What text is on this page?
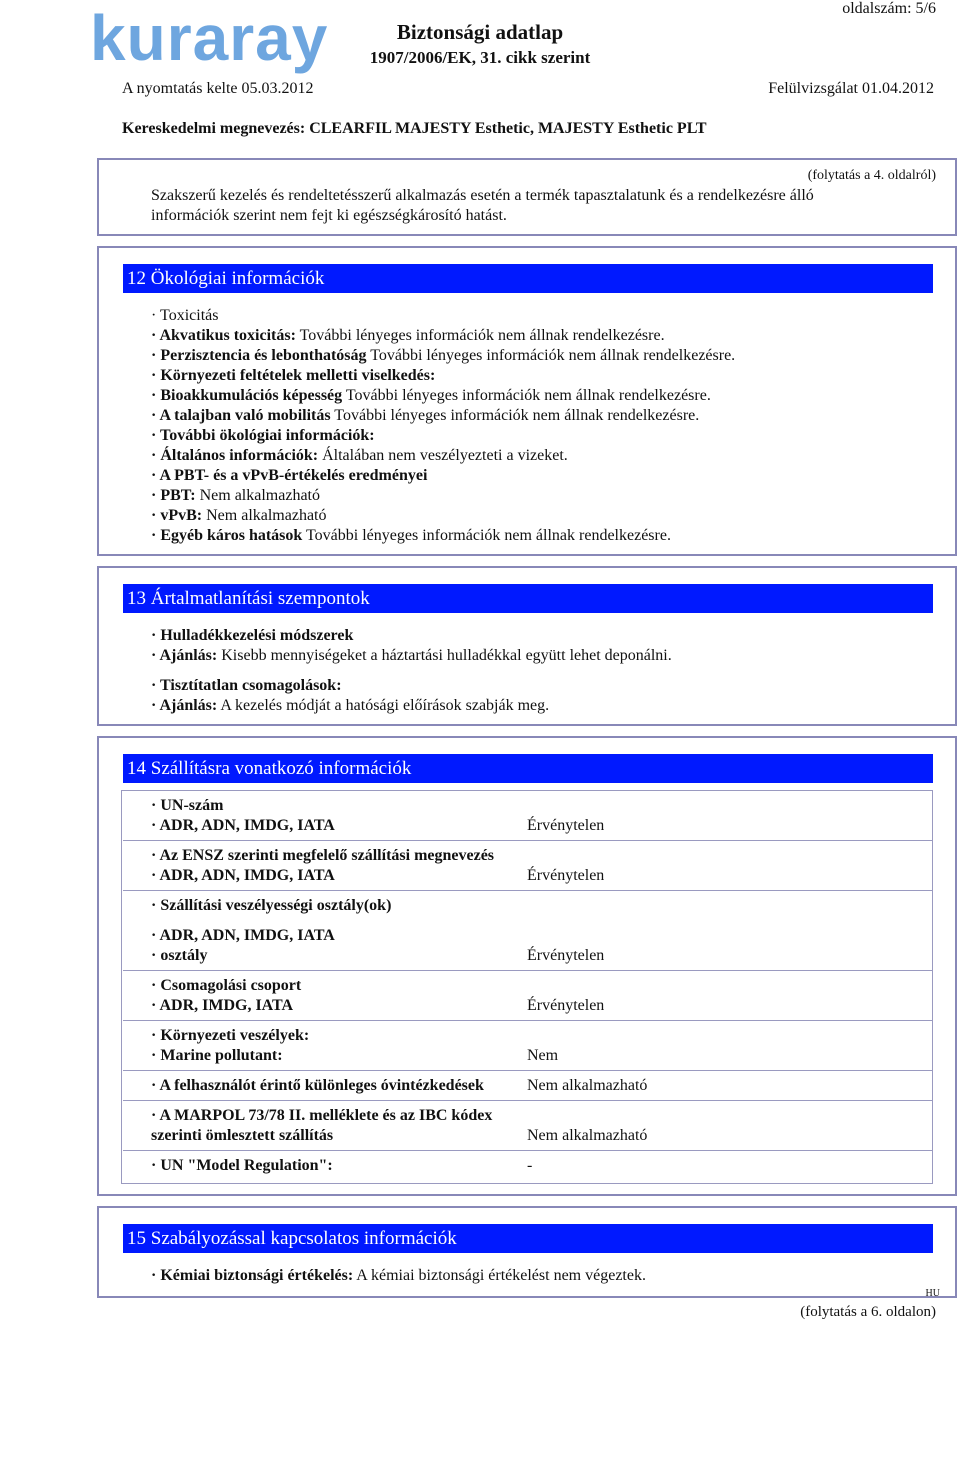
kuraray	oldalszám: 5/6
Biztonsági adatlap
1907/2006/EK, 31. cikk szerint
A nyomtatás kelte 05.03.2012	Felülvizsgálat 01.04.2012
Kereskedelmi megnevezés: CLEARFIL MAJESTY Esthetic, MAJESTY Esthetic PLT
Szakszerű kezelés és rendeltetésszerű alkalmazás esetén a termék tapasztalatunk és a rendelkezésre álló
információk szerint nem fejt ki egészségkárosító hatást.
(folytatás a 4. oldalról)
12 Ökológiai információk
· Toxicitás
· Akvatikus toxicitás: További lényeges információk nem állnak rendelkezésre.
· Perzisztencia és lebonthatóság További lényeges információk nem állnak rendelkezésre.
· Környezeti feltételek melletti viselkedés:
· Bioakkumulációs képesség További lényeges információk nem állnak rendelkezésre.
· A talajban való mobilitás További lényeges információk nem állnak rendelkezésre.
· További ökológiai információk:
· Általános információk: Általában nem veszélyezteti a vizeket.
· A PBT- és a vPvB-értékelés eredményei
· PBT: Nem alkalmazható
· vPvB: Nem alkalmazható
· Egyéb káros hatások További lényeges információk nem állnak rendelkezésre.
13 Ártalmatlanítási szempontok
· Hulladékkezelési módszerek
· Ajánlás: Kisebb mennyiségeket a háztartási hulladékkal együtt lehet deponálni.
· Tisztítatlan csomagolások:
· Ajánlás: A kezelés módját a hatósági előírások szabják meg.
14 Szállításra vonatkozó információk
· UN-szám
· ADR, ADN, IMDG, IATA	Érvénytelen
· Az ENSZ szerinti megfelelő szállítási megnevezés
· ADR, ADN, IMDG, IATA	Érvénytelen
· Szállítási veszélyességi osztály(ok)
· ADR, ADN, IMDG, IATA
· osztály	Érvénytelen
· Csomagolási csoport
· ADR, IMDG, IATA	Érvénytelen
· Környezeti veszélyek:
· Marine pollutant:	Nem
· A felhasználót érintő különleges óvintézkedések	Nem alkalmazható
· A MARPOL 73/78 II. melléklete és az IBC kódex
szerinti ömlesztett szállítás	Nem alkalmazható
· UN "Model Regulation":	-
15 Szabályozással kapcsolatos információk
· Kémiai biztonsági értékelés: A kémiai biztonsági értékelést nem végeztek.
HU
(folytatás a 6. oldalon)
